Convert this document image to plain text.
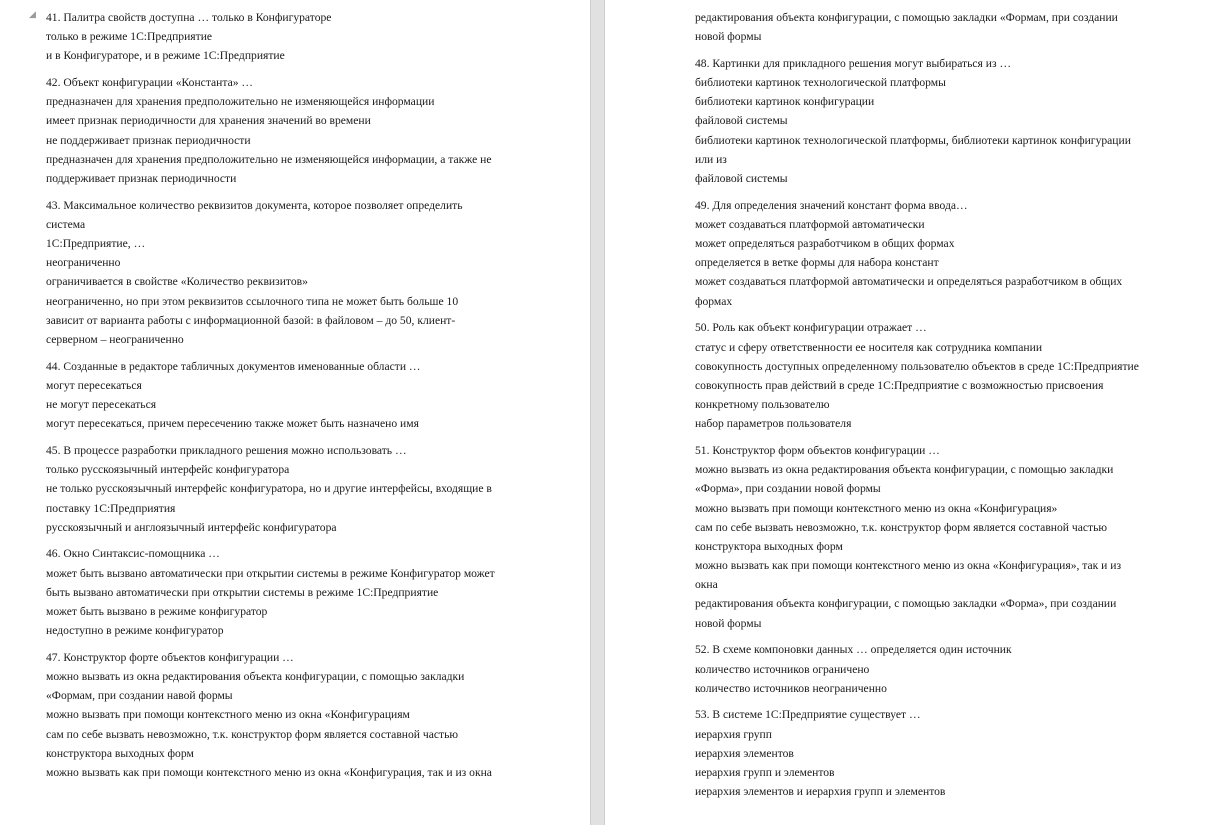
◢ 41. Палитра свойств доступна … только в Конфигураторе
только в режиме 1С:Предприятие
и в Конфигураторе, и в режиме 1С:Предприятие
42. Объект конфигурации «Константа» …
предназначен для хранения предположительно не изменяющейся информации
имеет признак периодичности для хранения значений во времени
не поддерживает признак периодичности
предназначен для хранения предположительно не изменяющейся информации, а также не
поддерживает признак периодичности
43. Максимальное количество реквизитов документа, которое позволяет определить
система
1С:Предприятие, …
неограниченно
ограничивается в свойстве «Количество реквизитов»
неограниченно, но при этом реквизитов ссылочного типа не может быть больше 10
зависит от варианта работы с информационной базой: в файловом – до 50, клиент-
серверном – неограниченно
44. Созданные в редакторе табличных документов именованные области …
могут пересекаться
не могут пересекаться
могут пересекаться, причем пересечению также может быть назначено имя
45. В процессе разработки прикладного решения можно использовать …
только русскоязычный интерфейс конфигуратора
не только русскоязычный интерфейс конфигуратора, но и другие интерфейсы, входящие в
поставку 1С:Предприятия
русскоязычный и англоязычный интерфейс конфигуратора
46. Окно Синтаксис-помощника …
может быть вызвано автоматически при открытии системы в режиме Конфигуратор может
быть вызвано автоматически при открытии системы в режиме 1С:Предприятие
может быть вызвано в режиме конфигуратор
недоступно в режиме конфигуратор
47. Конструктор форте объектов конфигурации …
можно вызвать из окна редактирования объекта конфигурации, с помощью закладки
«Формам, при создании навой формы
можно вызвать при помощи контекстного меню из окна «Конфигурациям
сам по себе вызвать невозможно, т.к. конструктор форм является составной частью
конструктора выходных форм
можно вызвать как при помощи контекстного меню из окна «Конфигурация, так и из окна
редактирования объекта конфигурации, с помощью закладки «Формам, при создании
новой формы
48. Картинки для прикладного решения могут выбираться из …
библиотеки картинок технологической платформы
библиотеки картинок конфигурации
файловой системы
библиотеки картинок технологической платформы, библиотеки картинок конфигурации
или из
файловой системы
49. Для определения значений констант форма ввода…
может создаваться платформой автоматически
может определяться разработчиком в общих формах
определяется в ветке формы для набора констант
может создаваться платформой автоматически и определяться разработчиком в общих
формах
50. Роль как объект конфигурации отражает …
статус и сферу ответственности ее носителя как сотрудника компании
совокупность доступных определенному пользователю объектов в среде 1С:Предприятие
совокупность прав действий в среде 1С:Предприятие с возможностью присвоения
конкретному пользователю
набор параметров пользователя
51. Конструктор форм объектов конфигурации …
можно вызвать из окна редактирования объекта конфигурации, с помощью закладки
«Форма», при создании новой формы
можно вызвать при помощи контекстного меню из окна «Конфигурация»
сам по себе вызвать невозможно, т.к. конструктор форм является составной частью
конструктора выходных форм
можно вызвать как при помощи контекстного меню из окна «Конфигурация», так и из
окна
редактирования объекта конфигурации, с помощью закладки «Форма», при создании
новой формы
52. В схеме компоновки данных … определяется один источник
количество источников ограничено
количество источников неограниченно
53. В системе 1С:Предприятие существует …
иерархия групп
иерархия элементов
иерархия групп и элементов
иерархия элементов и иерархия групп и элементов
